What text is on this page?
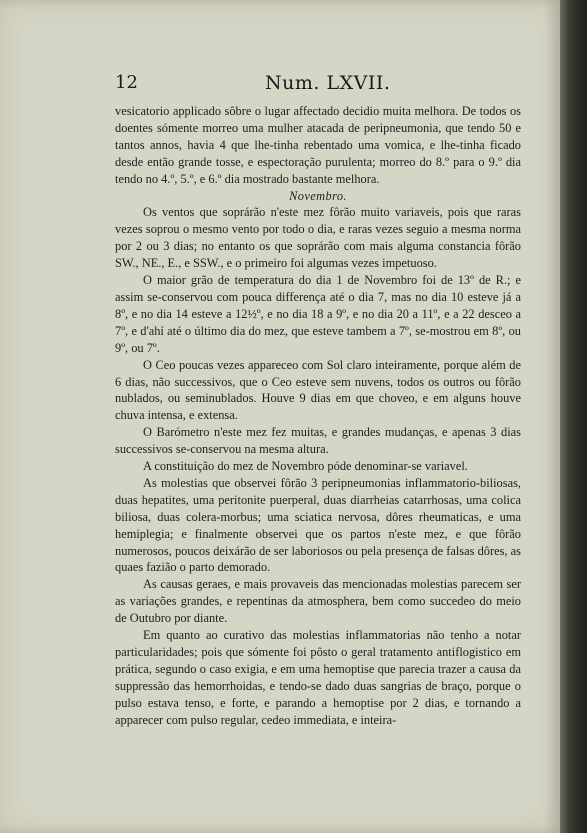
12	Num. LXVII.

vesicatorio applicado sôbre o lugar affectado decidio muita melhora. De todos os doentes sómente morreo uma mulher atacada de peripneumonia, que tendo 50 e tantos annos, havia 4 que lhe-tinha rebentado uma vomica, e lhe-tinha ficado desde então grande tosse, e espectoração purulenta; morreo do 8.º para o 9.º dia tendo no 4.º, 5.º, e 6.º dia mostrado bastante melhora.

Novembro.

Os ventos que soprárão n'este mez fôrão muito variaveis, pois que raras vezes soprou o mesmo vento por todo o dia, e raras vezes seguio a mesma norma por 2 ou 3 dias; no entanto os que soprárão com mais alguma constancia fôrão SW., NE., E., e SSW., e o primeiro foi algumas vezes impetuoso.

O maior grão de temperatura do dia 1 de Novembro foi de 13º de R.; e assim se-conservou com pouca differença até o dia 7, mas no dia 10 esteve já a 8º, e no dia 14 esteve a 12½º, e no dia 18 a 9º, e no dia 20 a 11º, e a 22 desceo a 7º, e d'ahí até o último dia do mez, que esteve tambem a 7º, se-mostrou em 8º, ou 9º, ou 7º.

O Ceo poucas vezes appareceo com Sol claro inteiramente, porque além de 6 dias, não successivos, que o Ceo esteve sem nuvens, todos os outros ou fôrão nublados, ou seminublados. Houve 9 dias em que choveo, e em alguns houve chuva intensa, e extensa.

O Barómetro n'este mez fez muitas, e grandes mudanças, e apenas 3 dias successivos se-conservou na mesma altura.

A constituição do mez de Novembro póde denominar-se variavel.

As molestias que observei fôrão 3 peripneumonias inflammatorio-biliosas, duas hepatites, uma peritonite puerperal, duas diarrheias catarrhosas, uma colica biliosa, duas colera-morbus; uma sciatica nervosa, dôres rheumaticas, e uma hemiplegia; e finalmente observei que os partos n'este mez, e que fôrão numerosos, poucos deixárão de ser laboriosos ou pela presença de falsas dôres, as quaes fazião o parto demorado.

As causas geraes, e mais provaveis das mencionadas molestias parecem ser as variações grandes, e repentinas da atmosphera, bem como succedeo do meio de Outubro por diante.

Em quanto ao curativo das molestias inflammatorias não tenho a notar particularidades; pois que sómente foi pôsto o geral tratamento antiflogistico em prática, segundo o caso exigia, e em uma hemoptise que parecia trazer a causa da suppressão das hemorrhoidas, e tendo-se dado duas sangrias de braço, porque o pulso estava tenso, e forte, e parando a hemoptise por 2 dias, e tornando a apparecer com pulso regular, cedeo immediata, e inteira-
